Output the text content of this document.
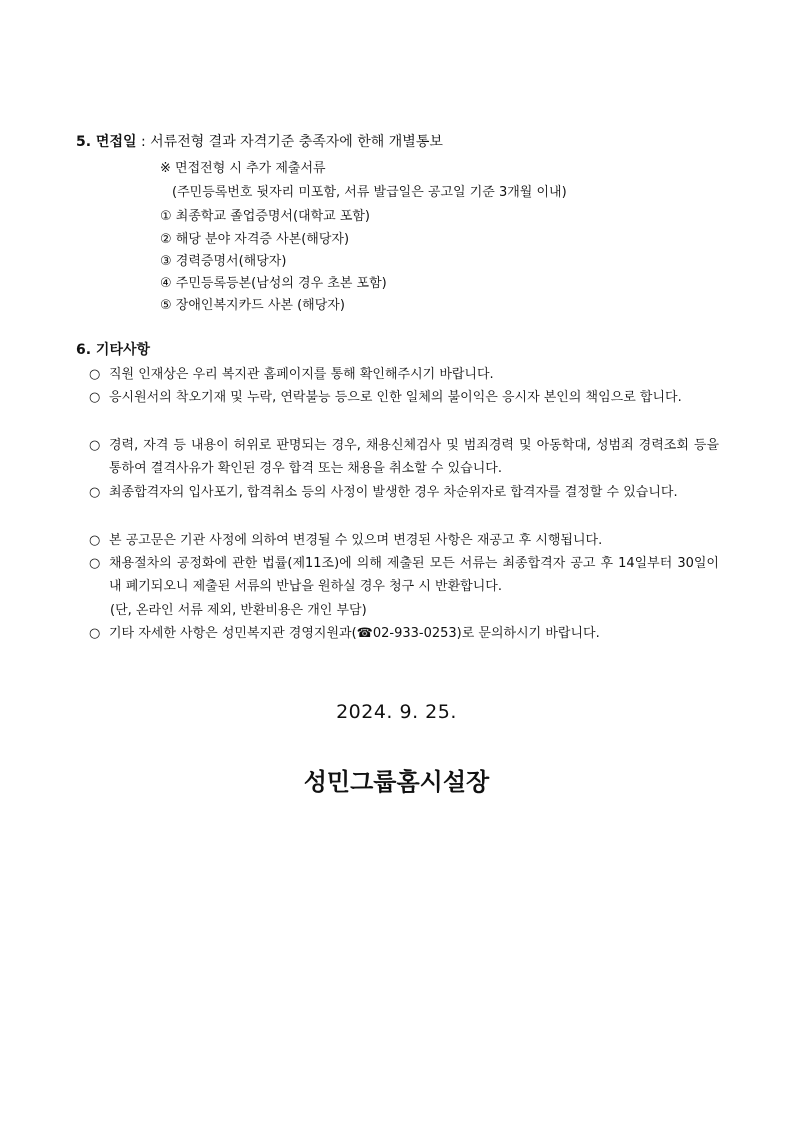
5. 면접일 : 서류전형 결과 자격기준 충족자에 한해 개별통보
※ 면접전형 시 추가 제출서류
(주민등록번호 뒷자리 미포함, 서류 발급일은 공고일 기준 3개월 이내)
① 최종학교 졸업증명서(대학교 포함)
② 해당 분야 자격증 사본(해당자)
③ 경력증명서(해당자)
④ 주민등록등본(남성의 경우 초본 포함)
⑤ 장애인복지카드 사본 (해당자)
6. 기타사항
○ 직원 인재상은 우리 복지관 홈페이지를 통해 확인해주시기 바랍니다.
○ 응시원서의 착오기재 및 누락, 연락불능 등으로 인한 일체의 불이익은 응시자 본인의 책임으로 합니다.
○ 경력, 자격 등 내용이 허위로 판명되는 경우, 채용신체검사 및 범죄경력 및 아동학대, 성범죄 경력조회 등을 통하여 결격사유가 확인된 경우 합격 또는 채용을 취소할 수 있습니다.
○ 최종합격자의 입사포기, 합격취소 등의 사정이 발생한 경우 차순위자로 합격자를 결정할 수 있습니다.
○ 본 공고문은 기관 사정에 의하여 변경될 수 있으며 변경된 사항은 재공고 후 시행됩니다.
○ 채용절차의 공정화에 관한 법률(제11조)에 의해 제출된 모든 서류는 최종합격자 공고 후 14일부터 30일이내 폐기되오니 제출된 서류의 반납을 원하실 경우 청구 시 반환합니다.
(단, 온라인 서류 제외, 반환비용은 개인 부담)
○ 기타 자세한 사항은 성민복지관 경영지원과(☎02-933-0253)로 문의하시기 바랍니다.
2024. 9. 25.
성민그룹홈시설장
